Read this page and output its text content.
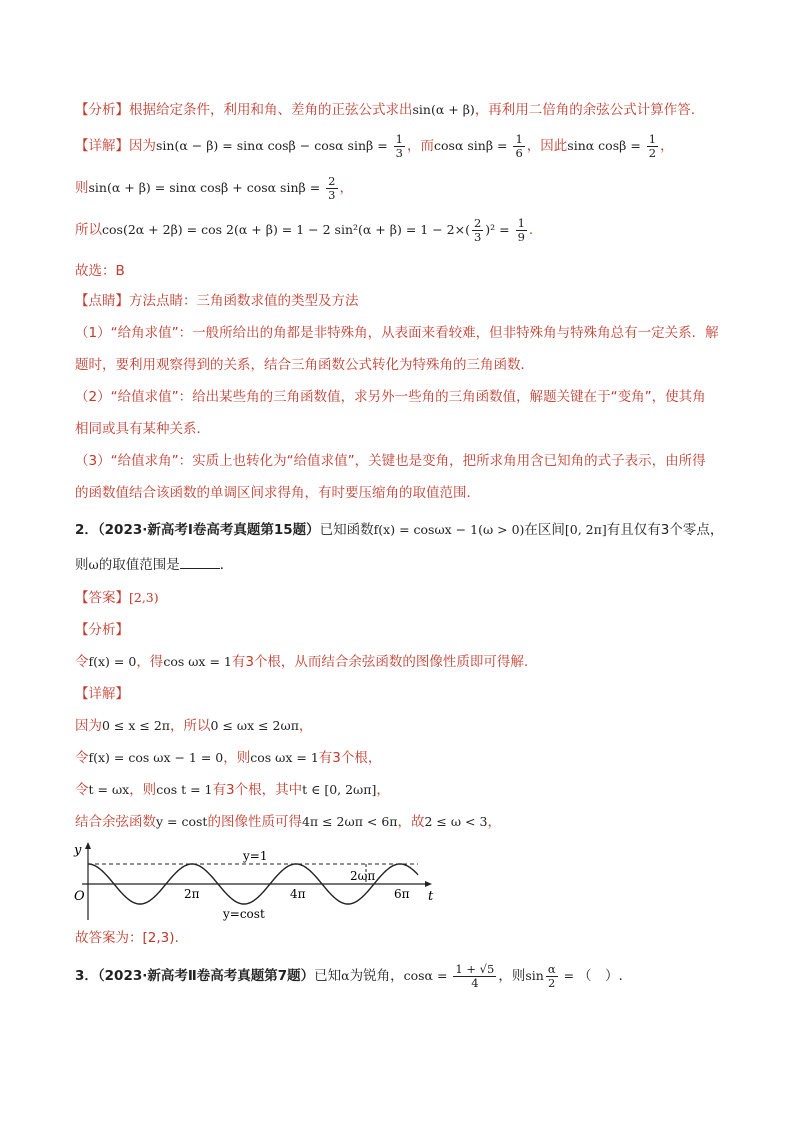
【分析】根据给定条件，利用和角、差角的正弦公式求出sin(α + β)，再利用二倍角的余弦公式计算作答.
【详解】因为sin(α − β) = sinα cosβ − cosα $\sin\beta = \frac{1}{3}$ ，而cosα $\sin\beta = \frac{1}{6}$ ，因此sinα $\cos\beta = \frac{1}{2}$ ，
则sin(α + β) = sinα cosβ + cosα $\sin\beta = \frac{2}{3}$ ，
所以cos(2α + 2β) = cos 2(α + β) = 1 − 2 $\sin^2(\alpha + \beta) = 1 - 2\times( \frac{2}{3} )^2 = \frac{1}{9}$ .
故选：B
【点睛】方法点睛：三角函数求值的类型及方法
（1）“给角求值”：一般所给出的角都是非特殊角，从表面来看较难，但非特殊角与特殊角总有一定关系．解
题时，要利用观察得到的关系，结合三角函数公式转化为特殊角的三角函数．
（2）“给值求值”：给出某些角的三角函数值，求另外一些角的三角函数值，解题关键在于“变角”，使其角
相同或具有某种关系．
（3）“给值求角”：实质上也转化为“给值求值”，关键也是变角，把所求角用含已知角的式子表示，由所得
的函数值结合该函数的单调区间求得角，有时要压缩角的取值范围．
2．（2023·新高考Ⅰ卷高考真题第15题）已知函数f(x) = cosωx − 1(ω > 0)在区间[0, 2π]有且仅有3个零点，
则ω的取值范围是	．
【答案】[2,3)
【分析】
令f(x) = 0，得cos ωx = 1有3个根，从而结合余弦函数的图像性质即可得解.
【详解】
因为0 ≤ x ≤ 2π，所以0 ≤ ωx ≤ 2ωπ，
令f(x) = cos ωx − 1 = 0，则cos ωx = 1有3个根，
令t = ωx，则cos t = 1有3个根，其中t ∈ [0, 2ωπ]，
结合余弦函数y = cost的图像性质可得4π ≤ 2ωπ < 6π，故2 ≤ ω < 3，
y
t
O
y=1
y=cost
2π	4π	6π
2ωπ
故答案为：[2,3).
3．（2023·新高考Ⅱ卷高考真题第7题）已知α为锐角，$\cos\alpha = \frac{1 + √5}{4}$ ，则$\sin \frac{\alpha}{2}$ = （　）.
